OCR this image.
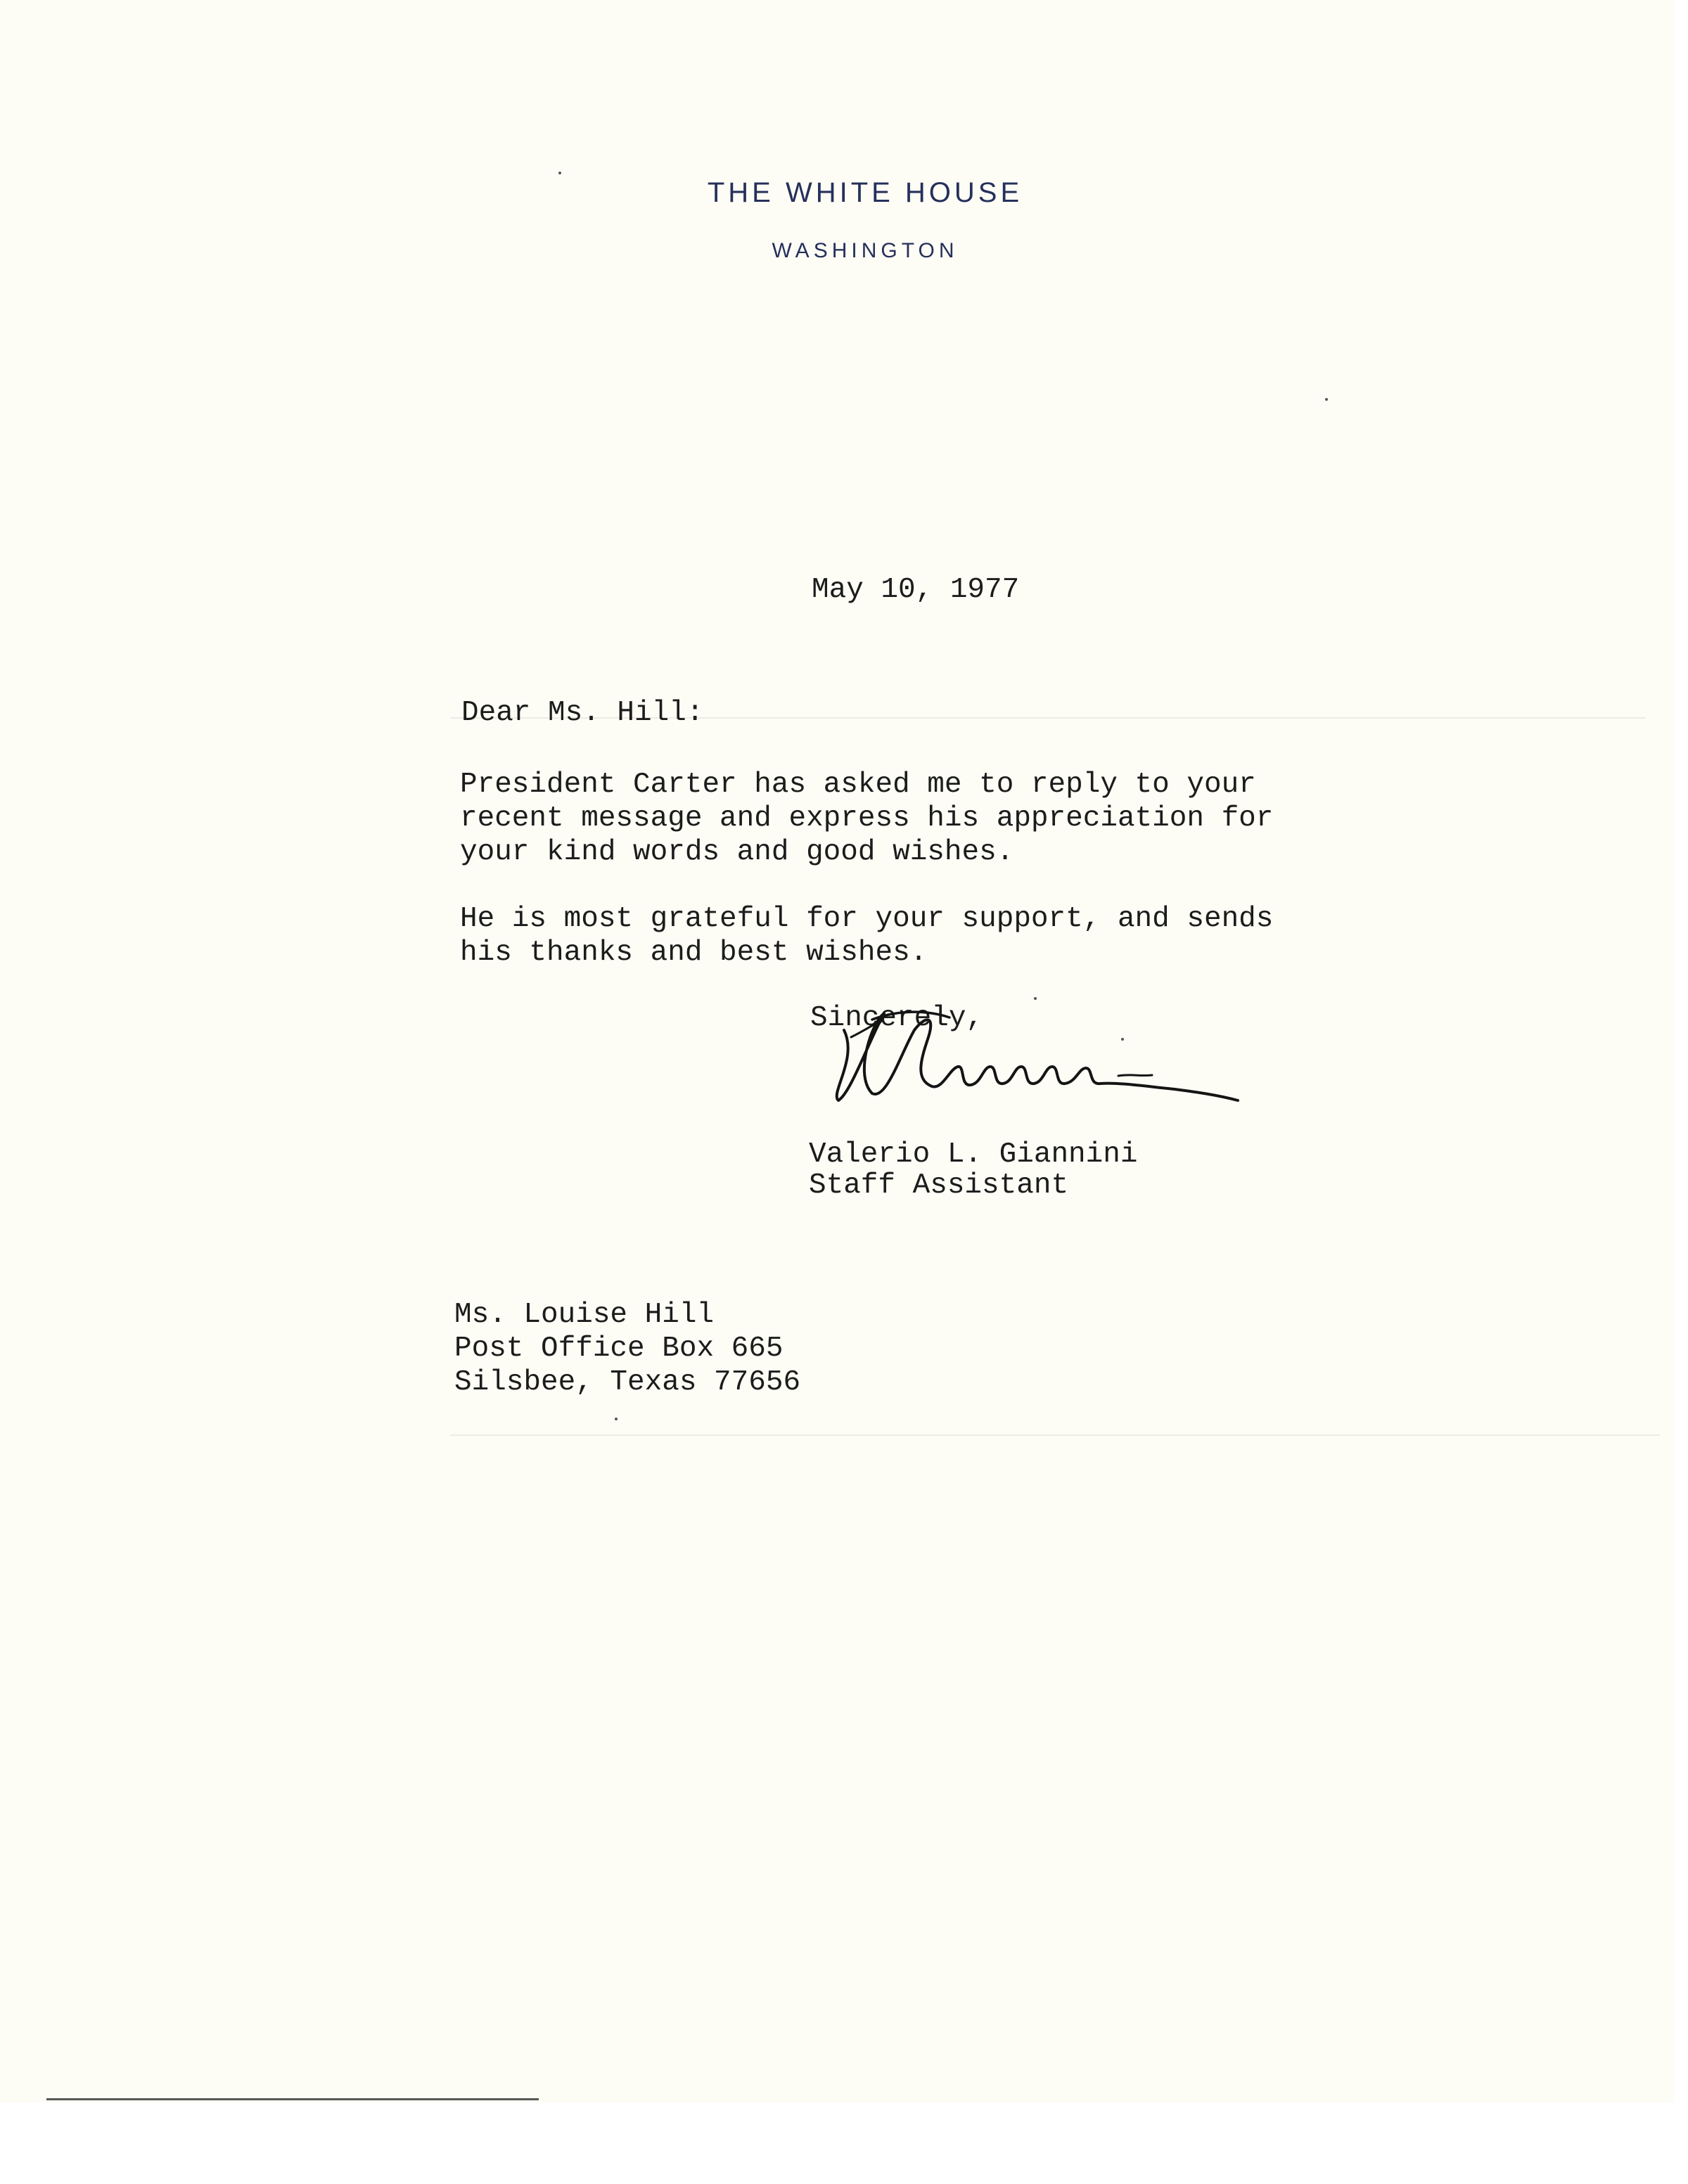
THE WHITE HOUSE
WASHINGTON
May 10, 1977
Dear Ms. Hill:
President Carter has asked me to reply to your
recent message and express his appreciation for
your kind words and good wishes.
He is most grateful for your support, and sends
his thanks and best wishes.
Sincerely,
Valerio L. Giannini
Staff Assistant
Ms. Louise Hill
Post Office Box 665
Silsbee, Texas 77656
